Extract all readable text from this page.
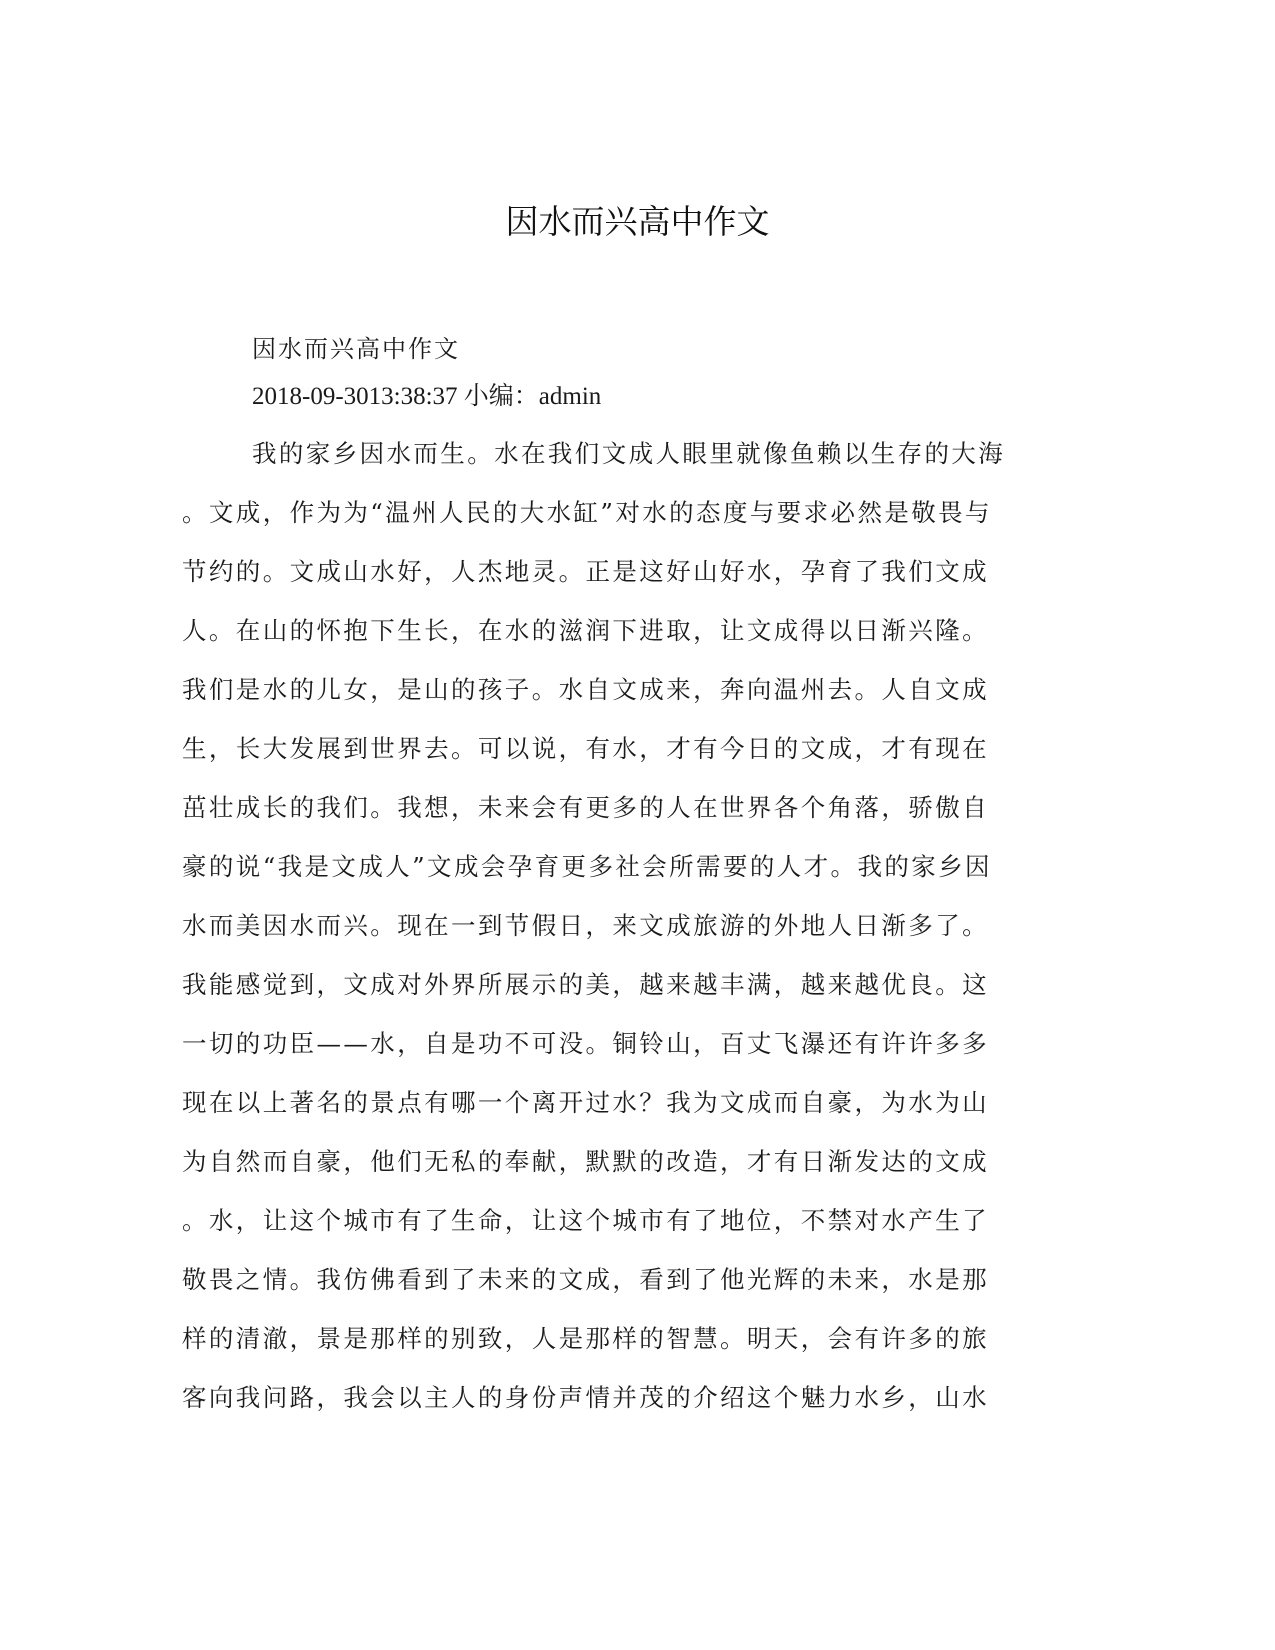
因水而兴高中作文

因水而兴高中作文

2018-09-3013:38:37 小编：admin

我的家乡因水而生。水在我们文成人眼里就像鱼赖以生存的大海
。文成，作为为“温州人民的大水缸”对水的态度与要求必然是敬畏与
节约的。文成山水好，人杰地灵。正是这好山好水，孕育了我们文成
人。在山的怀抱下生长，在水的滋润下进取，让文成得以日渐兴隆。
我们是水的儿女，是山的孩子。水自文成来，奔向温州去。人自文成
生，长大发展到世界去。可以说，有水，才有今日的文成，才有现在
茁壮成长的我们。我想，未来会有更多的人在世界各个角落，骄傲自
豪的说“我是文成人”文成会孕育更多社会所需要的人才。我的家乡因
水而美因水而兴。现在一到节假日，来文成旅游的外地人日渐多了。
我能感觉到，文成对外界所展示的美，越来越丰满，越来越优良。这
一切的功臣——水，自是功不可没。铜铃山，百丈飞瀑还有许许多多
现在以上著名的景点有哪一个离开过水？我为文成而自豪，为水为山
为自然而自豪，他们无私的奉献，默默的改造，才有日渐发达的文成
。水，让这个城市有了生命，让这个城市有了地位，不禁对水产生了
敬畏之情。我仿佛看到了未来的文成，看到了他光辉的未来，水是那
样的清澈，景是那样的别致，人是那样的智慧。明天，会有许多的旅
客向我问路，我会以主人的身份声情并茂的介绍这个魅力水乡，山水
